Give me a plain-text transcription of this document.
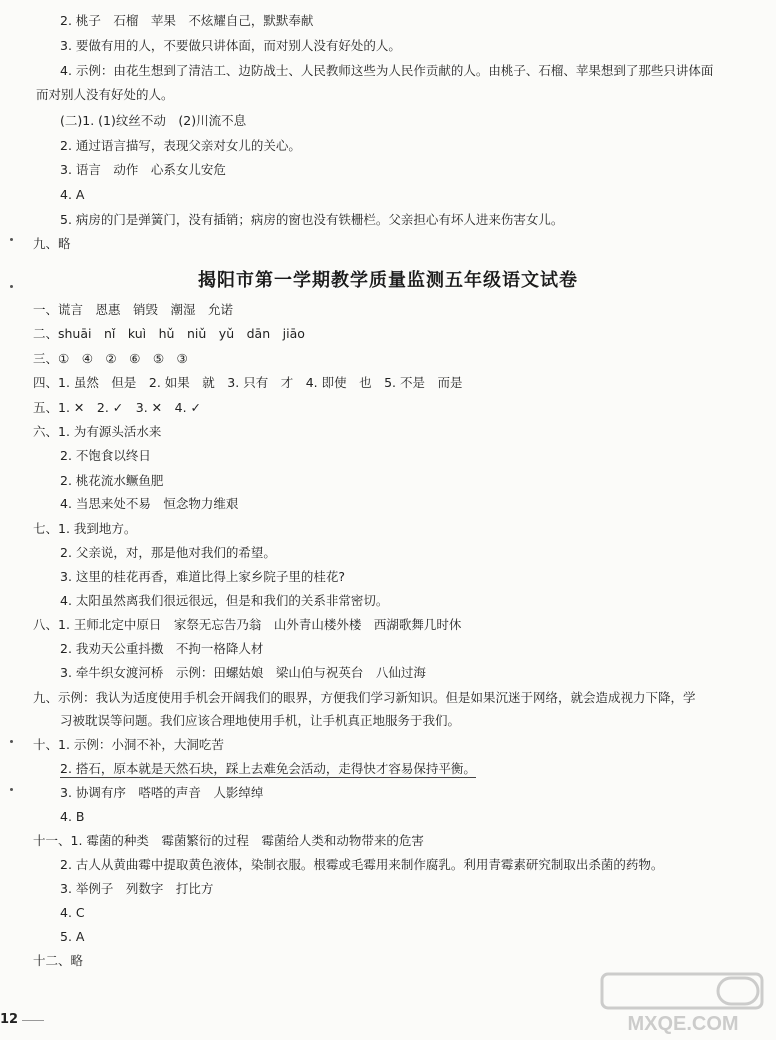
2. 桃子　石榴　苹果　不炫耀自己，默默奉献
3. 要做有用的人，不要做只讲体面，而对别人没有好处的人。
4. 示例：由花生想到了清洁工、边防战士、人民教师这些为人民作贡献的人。由桃子、石榴、苹果想到了那些只讲体面
而对别人没有好处的人。
(二)1. (1)纹丝不动　(2)川流不息
2. 通过语言描写，表现父亲对女儿的关心。
3. 语言　动作　心系女儿安危
4. A
5. 病房的门是弹簧门，没有插销；病房的窗也没有铁栅栏。父亲担心有坏人进来伤害女儿。
九、略
揭阳市第一学期教学质量监测五年级语文试卷
一、谎言　恩惠　销毁　潮湿　允诺
二、shuāi　nǐ　kuì　hǔ　niǔ　yǔ　dān　jiāo
三、①　④　②　⑥　⑤　③
四、1. 虽然　但是　2. 如果　就　3. 只有　才　4. 即使　也　5. 不是　而是
五、1. ✕　2. ✓　3. ✕　4. ✓
六、1. 为有源头活水来
2. 不饱食以终日
2. 桃花流水鳜鱼肥
4. 当思来处不易　恒念物力维艰
七、1. 我到地方。
2. 父亲说，对，那是他对我们的希望。
3. 这里的桂花再香，难道比得上家乡院子里的桂花?
4. 太阳虽然离我们很远很远，但是和我们的关系非常密切。
八、1. 王师北定中原日　家祭无忘告乃翁　山外青山楼外楼　西湖歌舞几时休
2. 我劝天公重抖擞　不拘一格降人材
3. 牵牛织女渡河桥　示例：田螺姑娘　梁山伯与祝英台　八仙过海
九、示例：我认为适度使用手机会开阔我们的眼界，方便我们学习新知识。但是如果沉迷于网络，就会造成视力下降，学
习被耽误等问题。我们应该合理地使用手机，让手机真正地服务于我们。
十、1. 示例：小洞不补，大洞吃苦
2. 搭石，原本就是天然石块，踩上去难免会活动，走得快才容易保持平衡。
3. 协调有序　嗒嗒的声音　人影绰绰
4. B
十一、1. 霉菌的种类　霉菌繁衍的过程　霉菌给人类和动物带来的危害
2. 古人从黄曲霉中提取黄色液体，染制衣服。根霉或毛霉用来制作腐乳。利用青霉素研究制取出杀菌的药物。
3. 举例子　列数字　打比方
4. C
5. A
十二、略
12	MXQE.COM
